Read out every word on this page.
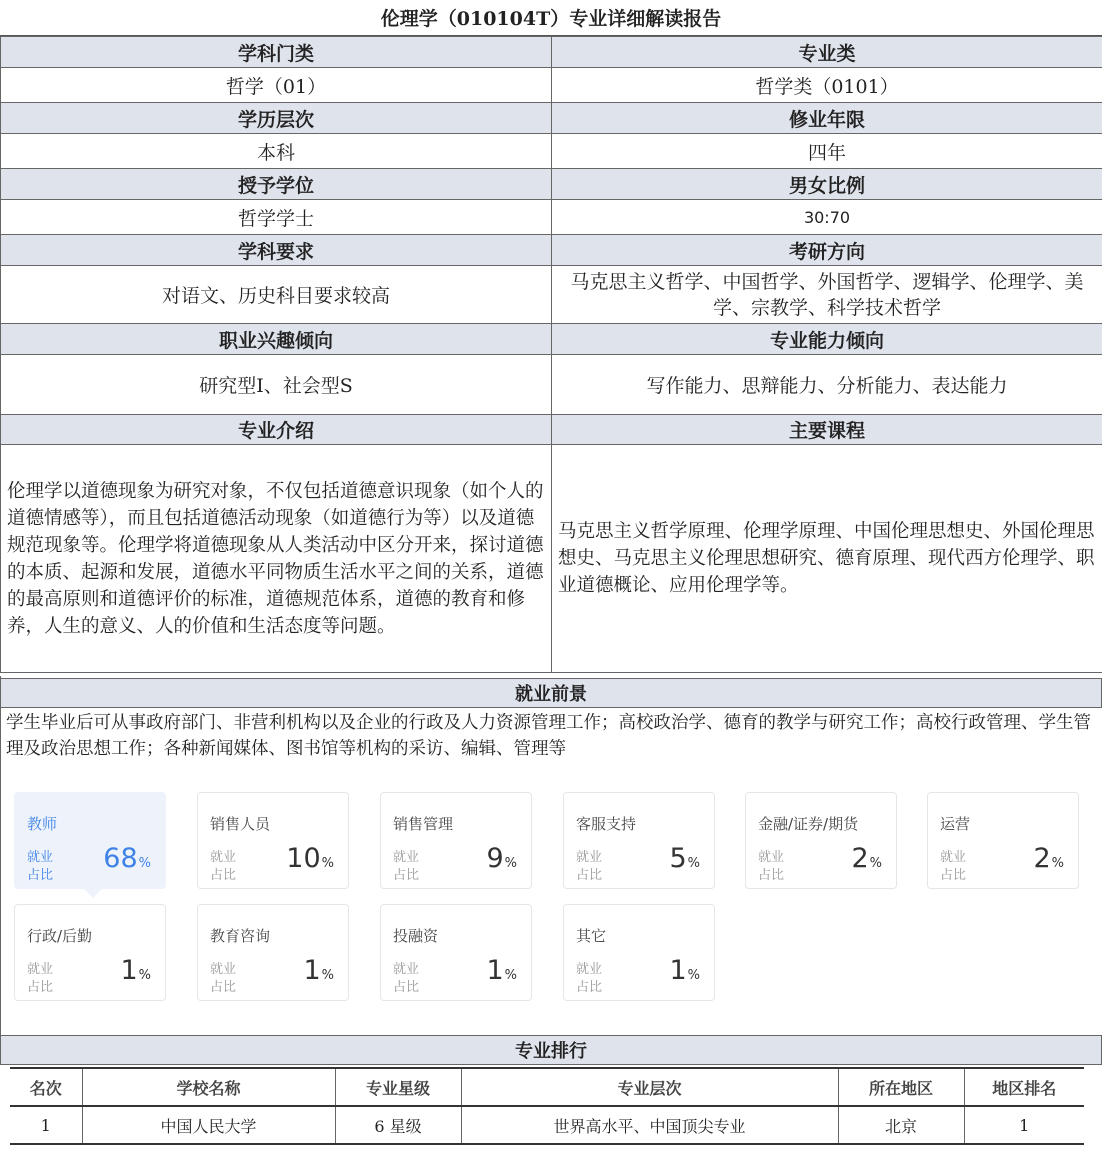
伦理学（010104T）专业详细解读报告
学科门类	专业类
哲学（01）	哲学类（0101）
学历层次	修业年限
本科	四年
授予学位	男女比例
哲学学士	30:70
学科要求	考研方向
对语文、历史科目要求较高	马克思主义哲学、中国哲学、外国哲学、逻辑学、伦理学、美学、宗教学、科学技术哲学
职业兴趣倾向	专业能力倾向
研究型I、社会型S	写作能力、思辩能力、分析能力、表达能力
专业介绍	主要课程
伦理学以道德现象为研究对象，不仅包括道德意识现象（如个人的道德情感等），而且包括道德活动现象（如道德行为等）以及道德规范现象等。伦理学将道德现象从人类活动中区分开来，探讨道德的本质、起源和发展，道德水平同物质生活水平之间的关系，道德的最高原则和道德评价的标准，道德规范体系，道德的教育和修养，人生的意义、人的价值和生活态度等问题。	马克思主义哲学原理、伦理学原理、中国伦理思想史、外国伦理思想史、马克思主义伦理思想研究、德育原理、现代西方伦理学、职业道德概论、应用伦理学等。
就业前景
学生毕业后可从事政府部门、非营利机构以及企业的行政及人力资源管理工作；高校政治学、德育的教学与研究工作；高校行政管理、学生管理及政治思想工作；各种新闻媒体、图书馆等机构的采访、编辑、管理等
教师
就业
占比
68%
销售人员
就业
占比
10%
销售管理
就业
占比
9%
客服支持
就业
占比
5%
金融/证券/期货
就业
占比
2%
运营
就业
占比
2%
行政/后勤
就业
占比
1%
教育咨询
就业
占比
1%
投融资
就业
占比
1%
其它
就业
占比
1%
专业排行
名次	学校名称	专业星级	专业层次	所在地区	地区排名
1	中国人民大学	6 星级	世界高水平、中国顶尖专业	北京	1
